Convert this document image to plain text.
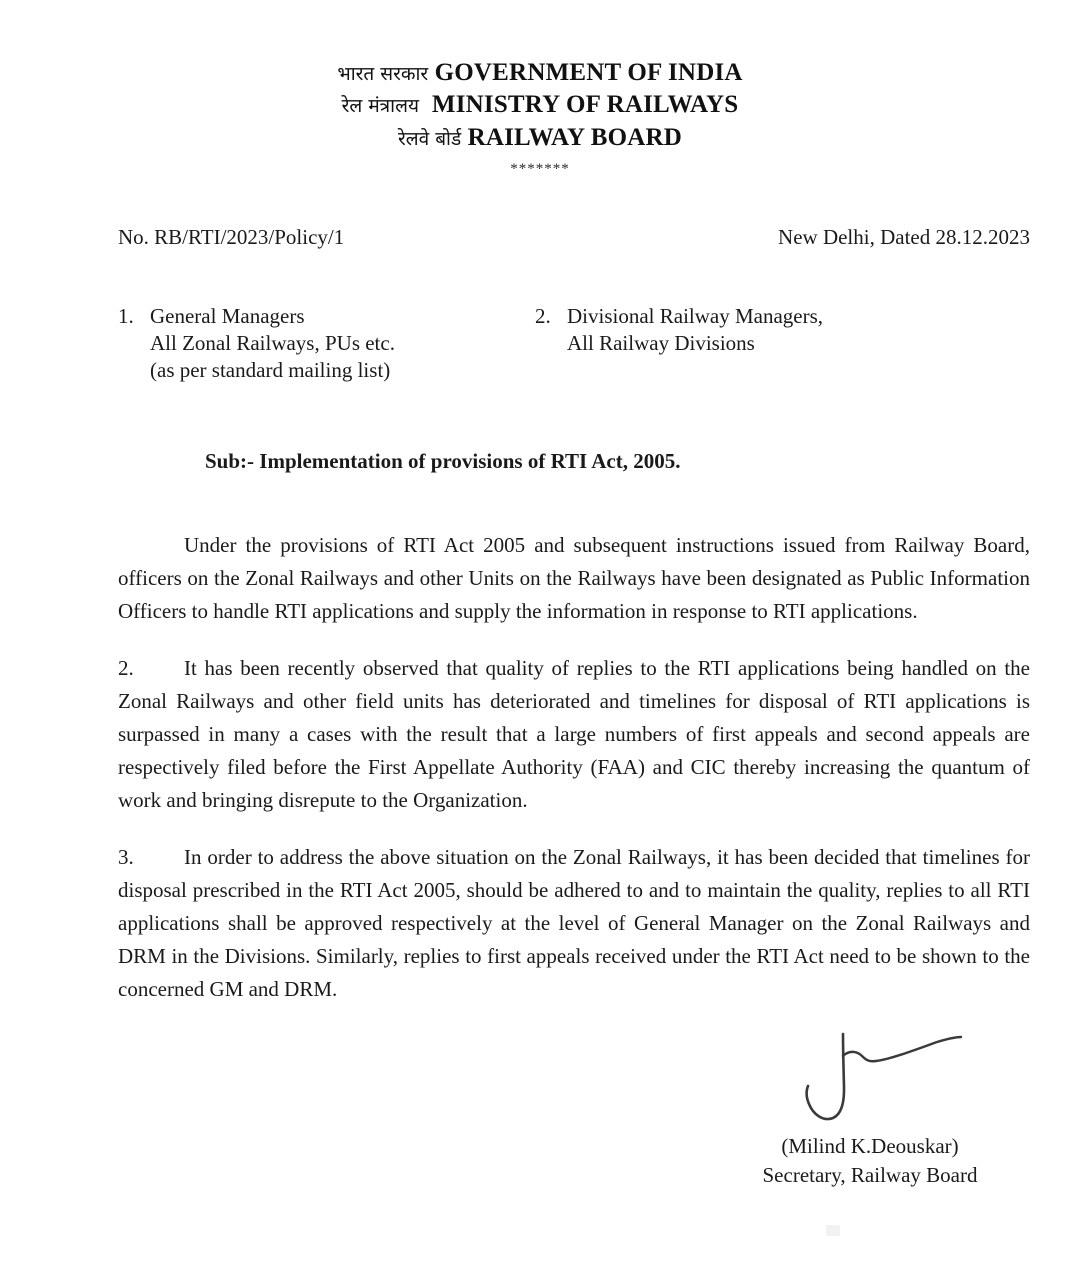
भारत सरकार GOVERNMENT OF INDIA
रेल मंत्रालय MINISTRY OF RAILWAYS
रेलवे बोर्ड RAILWAY BOARD
*******
No. RB/RTI/2023/Policy/1	New Delhi, Dated 28.12.2023
1. General Managers
All Zonal Railways, PUs etc.
(as per standard mailing list)
2. Divisional Railway Managers,
All Railway Divisions
Sub:- Implementation of provisions of RTI Act, 2005.

Under the provisions of RTI Act 2005 and subsequent instructions issued from Railway Board, officers on the Zonal Railways and other Units on the Railways have been designated as Public Information Officers to handle RTI applications and supply the information in response to RTI applications.

2. It has been recently observed that quality of replies to the RTI applications being handled on the Zonal Railways and other field units has deteriorated and timelines for disposal of RTI applications is surpassed in many a cases with the result that a large numbers of first appeals and second appeals are respectively filed before the First Appellate Authority (FAA) and CIC thereby increasing the quantum of work and bringing disrepute to the Organization.

3. In order to address the above situation on the Zonal Railways, it has been decided that timelines for disposal prescribed in the RTI Act 2005, should be adhered to and to maintain the quality, replies to all RTI applications shall be approved respectively at the level of General Manager on the Zonal Railways and DRM in the Divisions. Similarly, replies to first appeals received under the RTI Act need to be shown to the concerned GM and DRM.

(Milind K.Deouskar)
Secretary, Railway Board
